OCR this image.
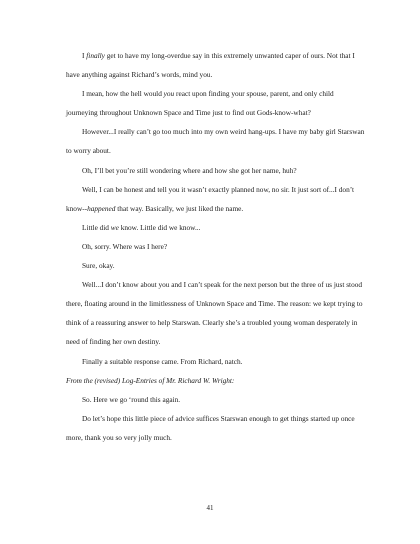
I finally get to have my long-overdue say in this extremely unwanted caper of ours. Not that I have anything against Richard’s words, mind you.

I mean, how the hell would you react upon finding your spouse, parent, and only child journeying throughout Unknown Space and Time just to find out Gods-know-what?

However...I really can’t go too much into my own weird hang-ups. I have my baby girl Starswan to worry about.

Oh, I’ll bet you’re still wondering where and how she got her name, huh?

Well, I can be honest and tell you it wasn’t exactly planned now, no sir. It just sort of...I don’t know--happened that way. Basically, we just liked the name.

Little did we know. Little did we know...

Oh, sorry. Where was I here?

Sure, okay.

Well...I don’t know about you and I can’t speak for the next person but the three of us just stood there, floating around in the limitlessness of Unknown Space and Time. The reason: we kept trying to think of a reassuring answer to help Starswan. Clearly she’s a troubled young woman desperately in need of finding her own destiny.

Finally a suitable response came. From Richard, natch.

From the (revised) Log-Entries of Mr. Richard W. Wright:

So. Here we go ‘round this again.

Do let’s hope this little piece of advice suffices Starswan enough to get things started up once more, thank you so very jolly much.

41
